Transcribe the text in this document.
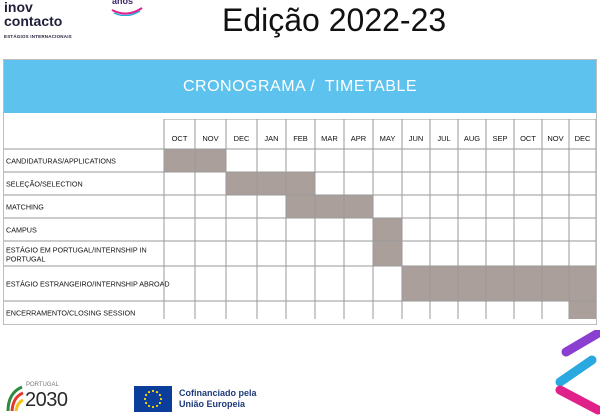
inov
contacto
ESTÁGIOS INTERNACIONAIS
anos
Edição 2022-23
CRONOGRAMA /  TIMETABLE
OCT NOV DEC JAN FEB MAR APR MAY JUN JUL AUG SEP OCT NOV DEC
CANDIDATURAS/APPLICATIONS
SELEÇÃO/SELECTION
MATCHING
CAMPUS
ESTÁGIO EM PORTUGAL/INTERNSHIP IN PORTUGAL
ESTÁGIO ESTRANGEIRO/INTERNSHIP ABROAD
ENCERRAMENTO/CLOSING SESSION
PORTUGAL
2030	Cofinanciado pela
União Europeia
